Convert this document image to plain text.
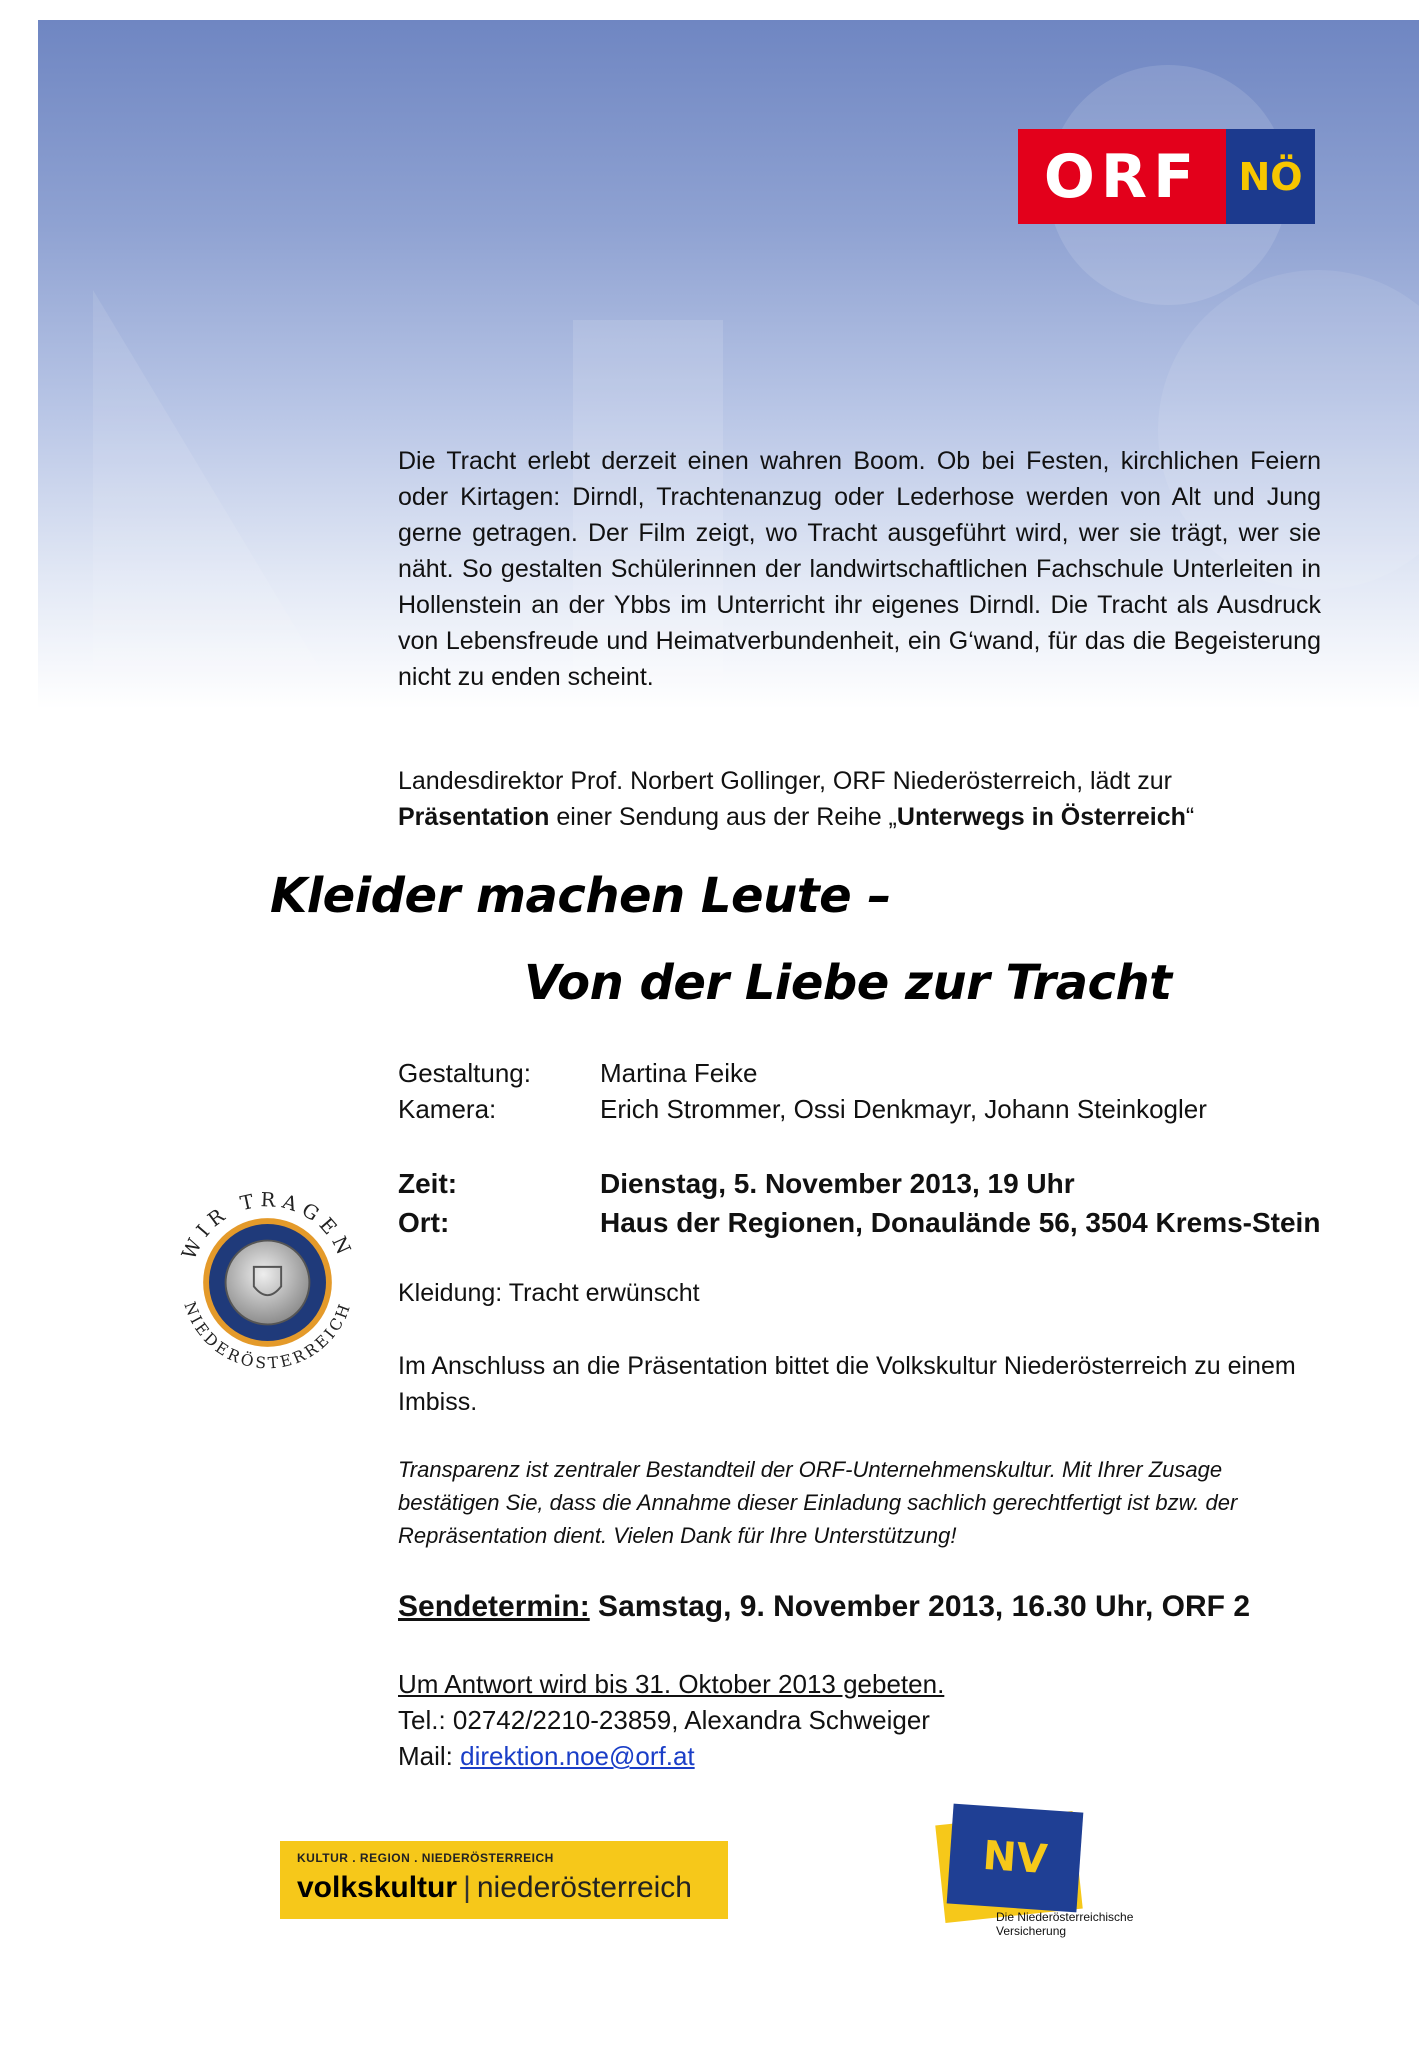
ORF	NÖ
Die Tracht erlebt derzeit einen wahren Boom. Ob bei Festen, kirchlichen Feiern oder Kirtagen: Dirndl, Trachtenanzug oder Lederhose werden von Alt und Jung gerne getragen. Der Film zeigt, wo Tracht ausgeführt wird, wer sie trägt, wer sie näht. So gestalten Schülerinnen der landwirtschaftlichen Fachschule Unterleiten in Hollenstein an der Ybbs im Unterricht ihr eigenes Dirndl. Die Tracht als Ausdruck von Lebensfreude und Heimatverbundenheit, ein G‘wand, für das die Begeisterung nicht zu enden scheint.
Landesdirektor Prof. Norbert Gollinger, ORF Niederösterreich, lädt zur
Präsentation einer Sendung aus der Reihe „Unterwegs in Österreich“
Kleider machen Leute –
Von der Liebe zur Tracht
Gestaltung:	Martina Feike
Kamera:	Erich Strommer, Ossi Denkmayr, Johann Steinkogler
Zeit:	Dienstag, 5. November 2013, 19 Uhr
Ort:	Haus der Regionen, Donaulände 56, 3504 Krems-Stein
Kleidung: Tracht erwünscht
Im Anschluss an die Präsentation bittet die Volkskultur Niederösterreich zu einem Imbiss.
Transparenz ist zentraler Bestandteil der ORF-Unternehmenskultur. Mit Ihrer Zusage bestätigen Sie, dass die Annahme dieser Einladung sachlich gerechtfertigt ist bzw. der Repräsentation dient. Vielen Dank für Ihre Unterstützung!
Sendetermin: Samstag, 9. November 2013, 16.30 Uhr, ORF 2
Um Antwort wird bis 31. Oktober 2013 gebeten.
Tel.: 02742/2210-23859, Alexandra Schweiger
Mail: direktion.noe@orf.at
WIR TRAGEN
NIEDERÖSTERREICH
KULTUR . REGION . NIEDERÖSTERREICH
volkskultur | niederösterreich
NV
Die Niederösterreichische
Versicherung
